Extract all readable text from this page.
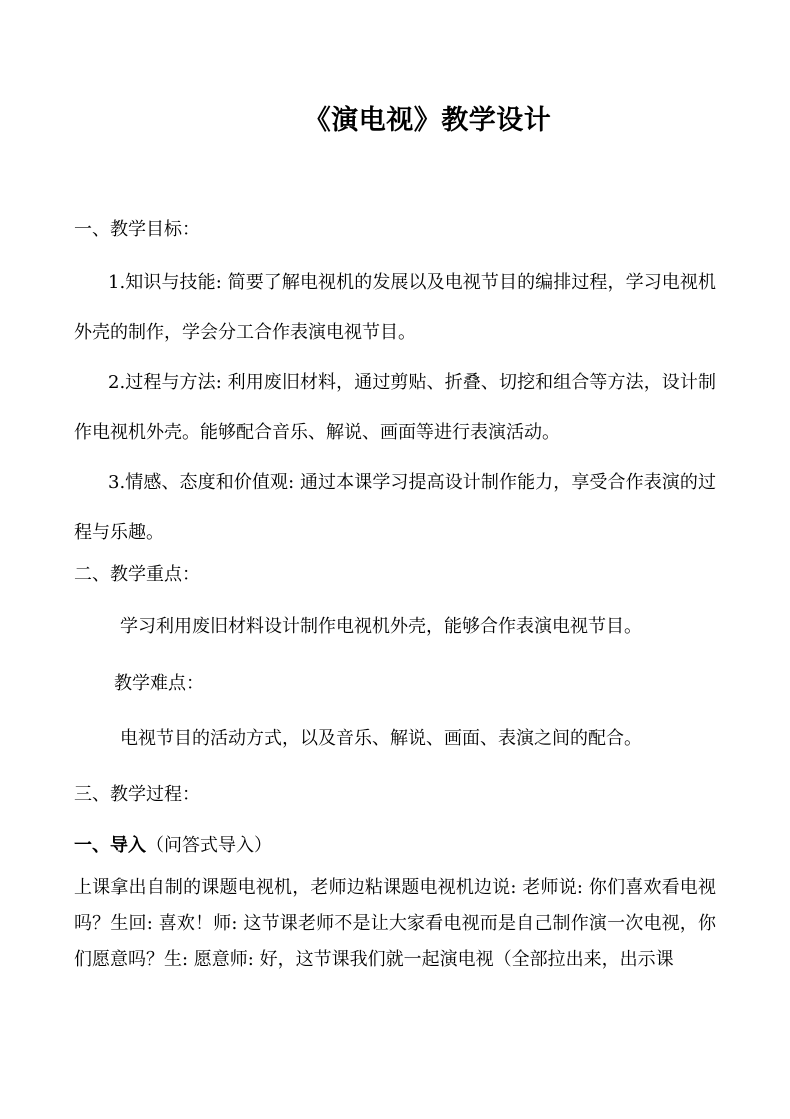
《演电视》教学设计
一、教学目标：

1.知识与技能: 简要了解电视机的发展以及电视节目的编排过程，学习电视机外壳的制作，学会分工合作表演电视节目。

2.过程与方法: 利用废旧材料，通过剪贴、折叠、切挖和组合等方法，设计制作电视机外壳。能够配合音乐、解说、画面等进行表演活动。

3.情感、态度和价值观: 通过本课学习提高设计制作能力，享受合作表演的过程与乐趣。

二、教学重点：
学习利用废旧材料设计制作电视机外壳，能够合作表演电视节目。
教学难点：
电视节目的活动方式，以及音乐、解说、画面、表演之间的配合。
三、教学过程：
一、导入（问答式导入）

上课拿出自制的课题电视机，老师边粘课题电视机边说: 老师说: 你们喜欢看电视吗？生回: 喜欢！师: 这节课老师不是让大家看电视而是自己制作演一次电视，你们愿意吗？生: 愿意师: 好，这节课我们就一起演电视（全部拉出来，出示课
